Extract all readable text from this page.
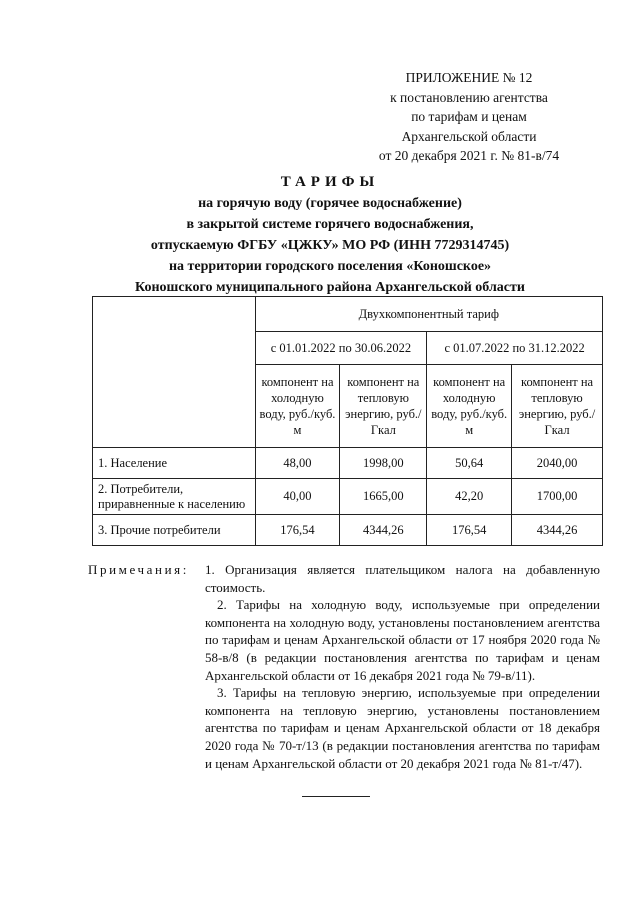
ПРИЛОЖЕНИЕ № 12
к постановлению агентства
по тарифам и ценам
Архангельской области
от 20 декабря 2021 г. № 81-в/74
ТАРИФЫ
на горячую воду (горячее водоснабжение)
в закрытой системе горячего водоснабжения,
отпускаемую ФГБУ «ЦЖКУ» МО РФ (ИНН 7729314745)
на территории городского поселения «Коношское»
Коношского муниципального района Архангельской области
	Двухкомпонентный тариф			
	с 01.01.2022 по 30.06.2022		с 01.07.2022 по 31.12.2022	
	компонент на холодную воду, руб./куб. м	компонент на тепловую энергию, руб./Гкал	компонент на холодную воду, руб./куб. м	компонент на тепловую энергию, руб./Гкал
1. Население	48,00	1998,00	50,64	2040,00
2. Потребители, приравненные к населению	40,00	1665,00	42,20	1700,00
3. Прочие потребители	176,54	4344,26	176,54	4344,26
Примечания: 1. Организация является плательщиком налога на добавленную стоимость.

2. Тарифы на холодную воду, используемые при определении компонента на холодную воду, установлены постановлением агентства по тарифам и ценам Архангельской области от 17 ноября 2020 года № 58-в/8 (в редакции постановления агентства по тарифам и ценам Архангельской области от 16 декабря 2021 года № 79-в/11).

3. Тарифы на тепловую энергию, используемые при определении компонента на тепловую энергию, установлены постановлением агентства по тарифам и ценам Архангельской области от 18 декабря 2020 года № 70-т/13 (в редакции постановления агентства по тарифам и ценам Архангельской области от 20 декабря 2021 года № 81-т/47).
